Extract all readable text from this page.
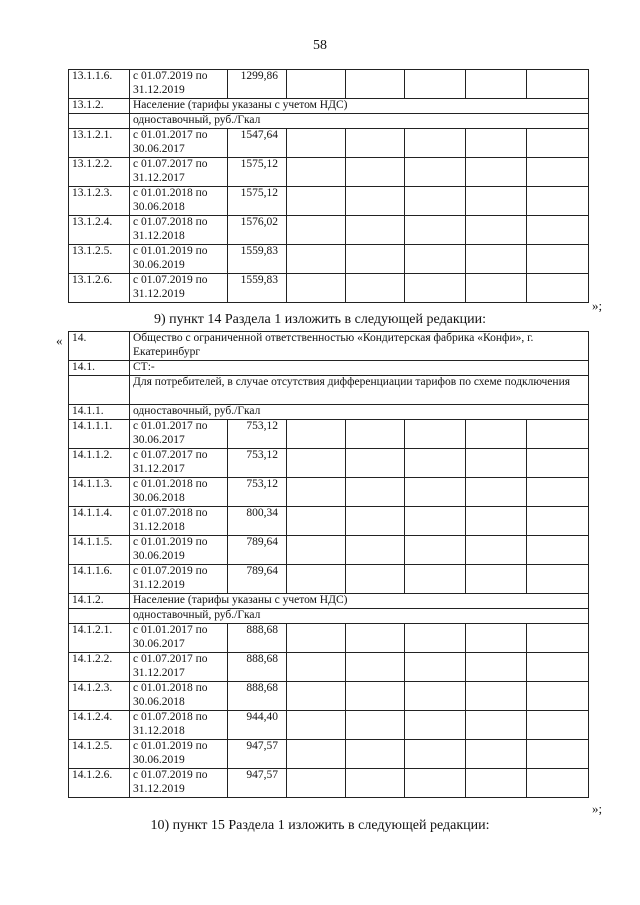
58
13.1.1.6.	с 01.07.2019 по 31.12.2019	1299,86					
13.1.2.	Население (тарифы указаны с учетом НДС)						
	одноставочный, руб./Гкал						
13.1.2.1.	с 01.01.2017 по 30.06.2017	1547,64					
13.1.2.2.	с 01.07.2017 по 31.12.2017	1575,12					
13.1.2.3.	с 01.01.2018 по 30.06.2018	1575,12					
13.1.2.4.	с 01.07.2018 по 31.12.2018	1576,02					
13.1.2.5.	с 01.01.2019 по 30.06.2019	1559,83					
13.1.2.6.	с 01.07.2019 по 31.12.2019	1559,83					
»;
9) пункт 14 Раздела 1 изложить в следующей редакции:
« 14.	Общество с ограниченной ответственностью «Кондитерская фабрика «Конфи», г. Екатеринбург						
14.1.	СТ:-						
	Для потребителей, в случае отсутствия дифференциации тарифов по схеме подключения						
14.1.1.	одноставочный, руб./Гкал						
14.1.1.1.	с 01.01.2017 по 30.06.2017	753,12					
14.1.1.2.	с 01.07.2017 по 31.12.2017	753,12					
14.1.1.3.	с 01.01.2018 по 30.06.2018	753,12					
14.1.1.4.	с 01.07.2018 по 31.12.2018	800,34					
14.1.1.5.	с 01.01.2019 по 30.06.2019	789,64					
14.1.1.6.	с 01.07.2019 по 31.12.2019	789,64					
14.1.2.	Население (тарифы указаны с учетом НДС)						
	одноставочный, руб./Гкал						
14.1.2.1.	с 01.01.2017 по 30.06.2017	888,68					
14.1.2.2.	с 01.07.2017 по 31.12.2017	888,68					
14.1.2.3.	с 01.01.2018 по 30.06.2018	888,68					
14.1.2.4.	с 01.07.2018 по 31.12.2018	944,40					
14.1.2.5.	с 01.01.2019 по 30.06.2019	947,57					
14.1.2.6.	с 01.07.2019 по 31.12.2019	947,57					
»;
10) пункт 15 Раздела 1 изложить в следующей редакции:
